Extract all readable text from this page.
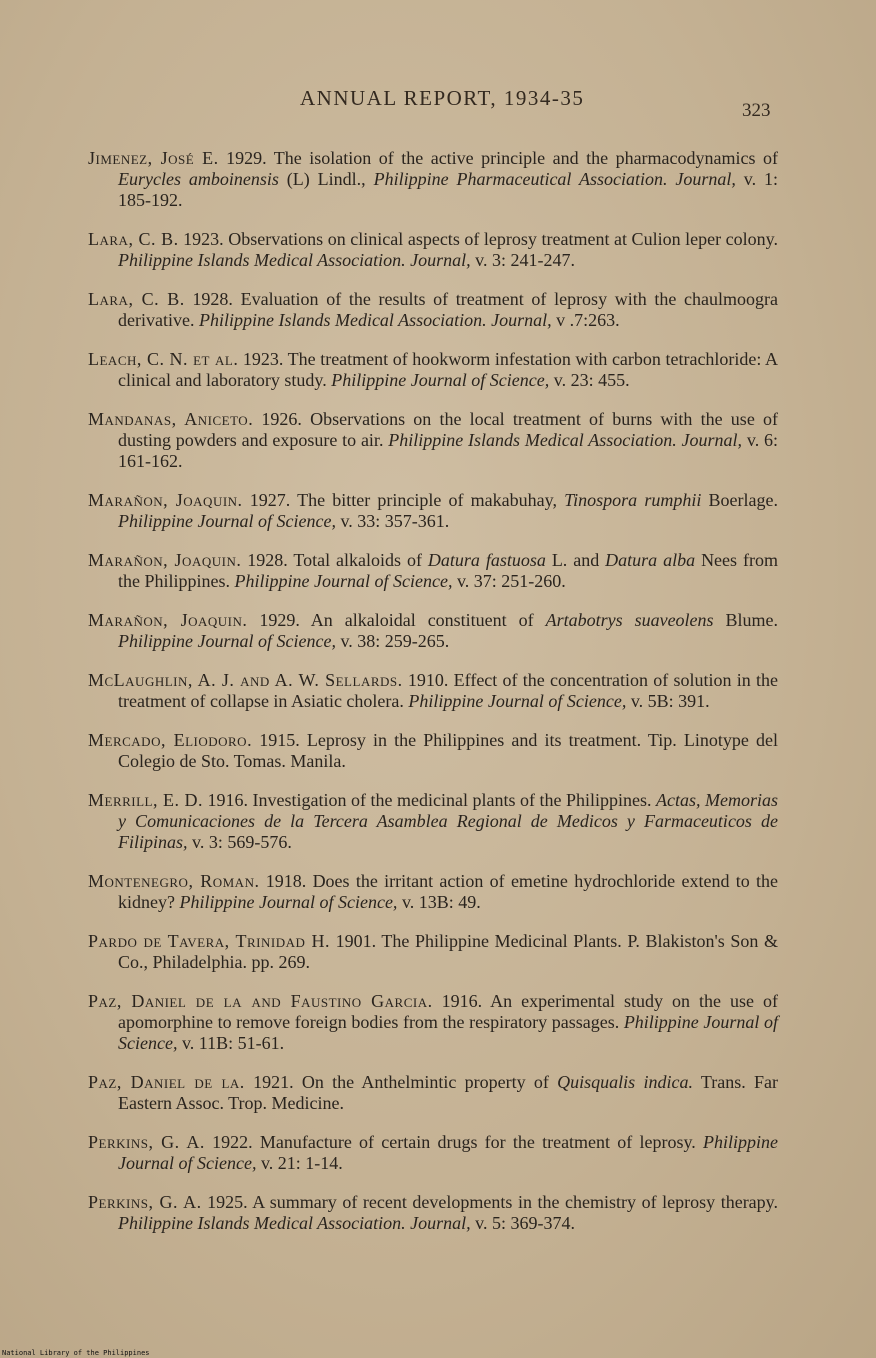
ANNUAL REPORT, 1934-35
323

Jimenez, José E. 1929. The isolation of the active principle and the pharmacodynamics of Eurycles amboinensis (L) Lindl., Philippine Pharmaceutical Association. Journal, v. 1: 185-192.

Lara, C. B. 1923. Observations on clinical aspects of leprosy treatment at Culion leper colony. Philippine Islands Medical Association. Journal, v. 3: 241-247.

Lara, C. B. 1928. Evaluation of the results of treatment of leprosy with the chaulmoogra derivative. Philippine Islands Medical Association. Journal, v .7:263.

Leach, C. N. et al. 1923. The treatment of hookworm infestation with carbon tetrachloride: A clinical and laboratory study. Philippine Journal of Science, v. 23: 455.

Mandanas, Aniceto. 1926. Observations on the local treatment of burns with the use of dusting powders and exposure to air. Philippine Islands Medical Association. Journal, v. 6: 161-162.

Marañon, Joaquin. 1927. The bitter principle of makabuhay, Tinospora rumphii Boerlage. Philippine Journal of Science, v. 33: 357-361.

Marañon, Joaquin. 1928. Total alkaloids of Datura fastuosa L. and Datura alba Nees from the Philippines. Philippine Journal of Science, v. 37: 251-260.

Marañon, Joaquin. 1929. An alkaloidal constituent of Artabotrys suaveolens Blume. Philippine Journal of Science, v. 38: 259-265.

McLaughlin, A. J. and A. W. Sellards. 1910. Effect of the concentration of solution in the treatment of collapse in Asiatic cholera. Philippine Journal of Science, v. 5B: 391.

Mercado, Eliodoro. 1915. Leprosy in the Philippines and its treatment. Tip. Linotype del Colegio de Sto. Tomas. Manila.

Merrill, E. D. 1916. Investigation of the medicinal plants of the Philippines. Actas, Memorias y Comunicaciones de la Tercera Asamblea Regional de Medicos y Farmaceuticos de Filipinas, v. 3: 569-576.

Montenegro, Roman. 1918. Does the irritant action of emetine hydrochloride extend to the kidney? Philippine Journal of Science, v. 13B: 49.

Pardo de Tavera, Trinidad H. 1901. The Philippine Medicinal Plants. P. Blakiston's Son & Co., Philadelphia. pp. 269.

Paz, Daniel de la and Faustino Garcia. 1916. An experimental study on the use of apomorphine to remove foreign bodies from the respiratory passages. Philippine Journal of Science, v. 11B: 51-61.

Paz, Daniel de la. 1921. On the Anthelmintic property of Quisqualis indica. Trans. Far Eastern Assoc. Trop. Medicine.

Perkins, G. A. 1922. Manufacture of certain drugs for the treatment of leprosy. Philippine Journal of Science, v. 21: 1-14.

Perkins, G. A. 1925. A summary of recent developments in the chemistry of leprosy therapy. Philippine Islands Medical Association. Journal, v. 5: 369-374.

National Library of the Philippines
